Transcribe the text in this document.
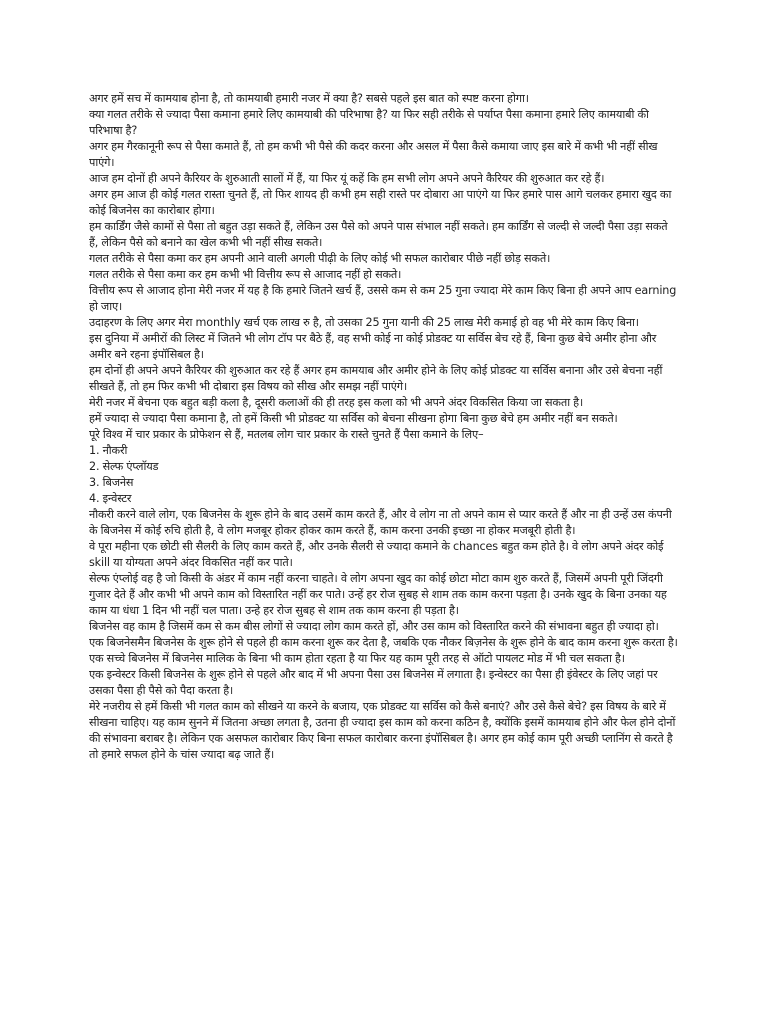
अगर हमें सच में कामयाब होना है, तो कामयाबी हमारी नजर में क्या है? सबसे पहले इस बात को स्पष्ट करना होगा।

क्या गलत तरीके से ज्यादा पैसा कमाना हमारे लिए कामयाबी की परिभाषा है? या फिर सही तरीके से पर्याप्त पैसा कमाना हमारे लिए कामयाबी की परिभाषा है?

अगर हम गैरकानूनी रूप से पैसा कमाते हैं, तो हम कभी भी पैसे की कदर करना और असल में पैसा कैसे कमाया जाए इस बारे में कभी भी नहीं सीख पाएंगे।

आज हम दोनों ही अपने कैरियर के शुरुआती सालों में हैं, या फिर यूं कहें कि हम सभी लोग अपने अपने कैरियर की शुरुआत कर रहे हैं।

अगर हम आज ही कोई गलत रास्ता चुनते हैं, तो फिर शायद ही कभी हम सही रास्ते पर दोबारा आ पाएंगे या फिर हमारे पास आगे चलकर हमारा खुद का कोई बिजनेस का कारोबार होगा।

हम कार्डिंग जैसे कामों से पैसा तो बहुत उड़ा सकते हैं, लेकिन उस पैसे को अपने पास संभाल नहीं सकते। हम कार्डिंग से जल्दी से जल्दी पैसा उड़ा सकते हैं, लेकिन पैसे को बनाने का खेल कभी भी नहीं सीख सकते।

गलत तरीके से पैसा कमा कर हम अपनी आने वाली अगली पीढ़ी के लिए कोई भी सफल कारोबार पीछे नहीं छोड़ सकते।

गलत तरीके से पैसा कमा कर हम कभी भी वित्तीय रूप से आजाद नहीं हो सकते।

वित्तीय रूप से आजाद होना मेरी नजर में यह है कि हमारे जितने खर्च हैं, उससे कम से कम 25 गुना ज्यादा मेरे काम किए बिना ही अपने आप earning हो जाए।

उदाहरण के लिए अगर मेरा monthly खर्च एक लाख रु है, तो उसका 25 गुना यानी की 25 लाख मेरी कमाई हो वह भी मेरे काम किए बिना।

इस दुनिया में अमीरों की लिस्ट में जितने भी लोग टॉप पर बैठे हैं, वह सभी कोई ना कोई प्रोडक्ट या सर्विस बेच रहे हैं, बिना कुछ बेचे अमीर होना और अमीर बने रहना इंपॉसिबल है।

हम दोनों ही अपने अपने कैरियर की शुरुआत कर रहे हैं अगर हम कामयाब और अमीर होने के लिए कोई प्रोडक्ट या सर्विस बनाना और उसे बेचना नहीं सीखते हैं, तो हम फिर कभी भी दोबारा इस विषय को सीख और समझ नहीं पाएंगे।

मेरी नजर में बेचना एक बहुत बड़ी कला है, दूसरी कलाओं की ही तरह इस कला को भी अपने अंदर विकसित किया जा सकता है।

हमें ज्यादा से ज्यादा पैसा कमाना है, तो हमें किसी भी प्रोडक्ट या सर्विस को बेचना सीखना होगा बिना कुछ बेचे हम अमीर नहीं बन सकते।

पूरे विश्व में चार प्रकार के प्रोफेशन से हैं, मतलब लोग चार प्रकार के रास्ते चुनते हैं पैसा कमाने के लिए–

1. नौकरी

2. सेल्फ एंप्लॉयड

3. बिजनेस

4. इन्वेस्टर

नौकरी करने वाले लोग, एक बिजनेस के शुरू होने के बाद उसमें काम करते हैं, और वे लोग ना तो अपने काम से प्यार करते हैं और ना ही उन्हें उस कंपनी के बिजनेस में कोई रुचि होती है, वे लोग मजबूर होकर होकर काम करते हैं, काम करना उनकी इच्छा ना होकर मजबूरी होती है।

वे पूरा महीना एक छोटी सी सैलरी के लिए काम करते हैं, और उनके सैलरी से ज्यादा कमाने के chances बहुत कम होते है। वे लोग अपने अंदर कोई skill या योग्यता अपने अंदर विकसित नहीं कर पाते।

सेल्फ एंप्लोई वह है जो किसी के अंडर में काम नहीं करना चाहते। वे लोग अपना खुद का कोई छोटा मोटा काम शुरु करते हैं, जिसमें अपनी पूरी जिंदगी गुजार देते हैं और कभी भी अपने काम को विस्तारित नहीं कर पाते। उन्हें हर रोज सुबह से शाम तक काम करना पड़ता है। उनके खुद के बिना उनका यह काम या धंधा 1 दिन भी नहीं चल पाता। उन्हे हर रोज सुबह से शाम तक काम करना ही पड़ता है।

बिजनेस वह काम है जिसमें कम से कम बीस लोगों से ज्यादा लोग काम करते हों, और उस काम को विस्तारित करने की संभावना बहुत ही ज्यादा हो।

एक बिजनेसमैन बिजनेस के शुरू होने से पहले ही काम करना शुरू कर देता है, जबकि एक नौकर बिज़नेस के शुरू होने के बाद काम करना शुरू करता है। एक सच्चे बिजनेस में बिजनेस मालिक के बिना भी काम होता रहता है या फिर यह काम पूरी तरह से ऑटो पायलट मोड में भी चल सकता है।

एक इन्वेस्टर किसी बिजनेस के शुरू होने से पहले और बाद में भी अपना पैसा उस बिजनेस में लगाता है। इन्वेस्टर का पैसा ही इंवेस्टर के लिए जहां पर उसका पैसा ही पैसे को पैदा करता है।

मेरे नजरीय से हमें किसी भी गलत काम को सीखने या करने के बजाय, एक प्रोडक्ट या सर्विस को कैसे बनाएं? और उसे कैसे बेचे? इस विषय के बारे में सीखना चाहिए। यह काम सुनने में जितना अच्छा लगता है, उतना ही ज्यादा इस काम को करना कठिन है, क्योंकि इसमें कामयाब होने और फेल होने दोनों की संभावना बराबर है। लेकिन एक असफल कारोबार किए बिना सफल कारोबार करना इंपॉसिबल है। अगर हम कोई काम पूरी अच्छी प्लानिंग से करते है तो हमारे सफल होने के चांस ज्यादा बढ़ जाते हैं।
